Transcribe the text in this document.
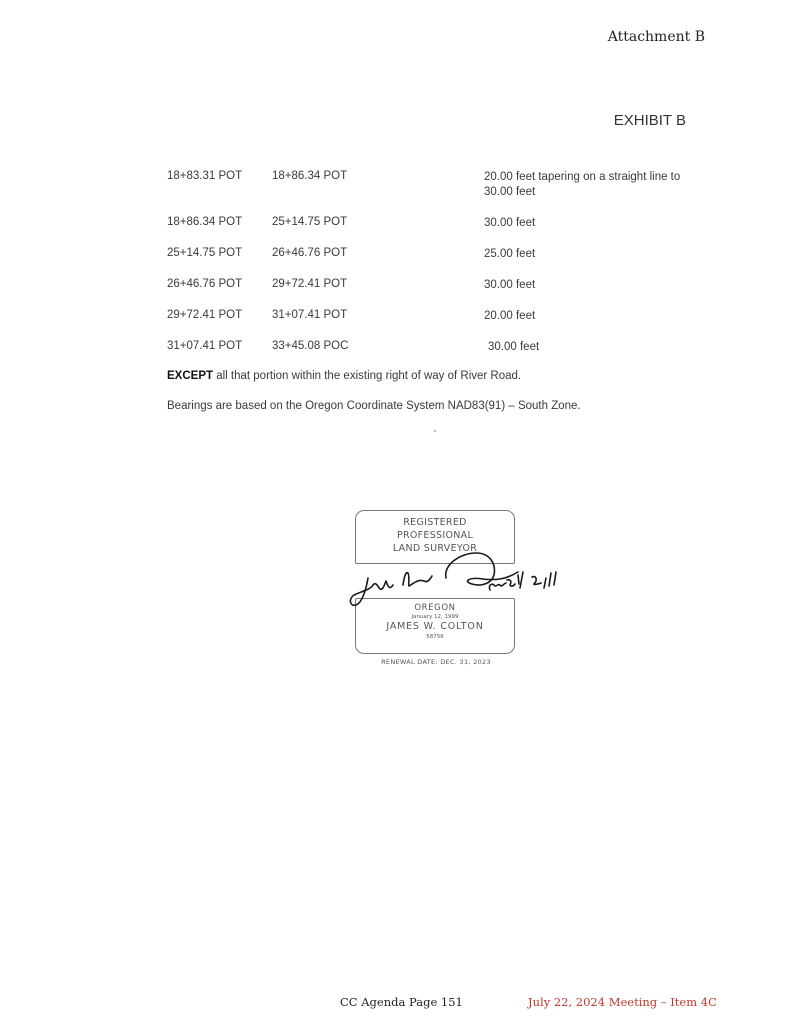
Attachment B
EXHIBIT B
18+83.31 POT	18+86.34 POT	20.00 feet tapering on a straight line to 30.00 feet
18+86.34 POT	25+14.75 POT	30.00 feet
25+14.75 POT	26+46.76 POT	25.00 feet
26+46.76 POT	29+72.41 POT	30.00 feet
29+72.41 POT	31+07.41 POT	20.00 feet
31+07.41 POT	33+45.08 POC	30.00 feet
EXCEPT all that portion within the existing right of way of River Road.
Bearings are based on the Oregon Coordinate System NAD83(91) – South Zone.
REGISTERED
PROFESSIONAL
LAND SURVEYOR
OREGON
January 12, 1999
JAMES W. COLTON
58756
RENEWAL DATE: DEC. 31, 2023
CC Agenda Page 151	July 22, 2024 Meeting – Item 4C
